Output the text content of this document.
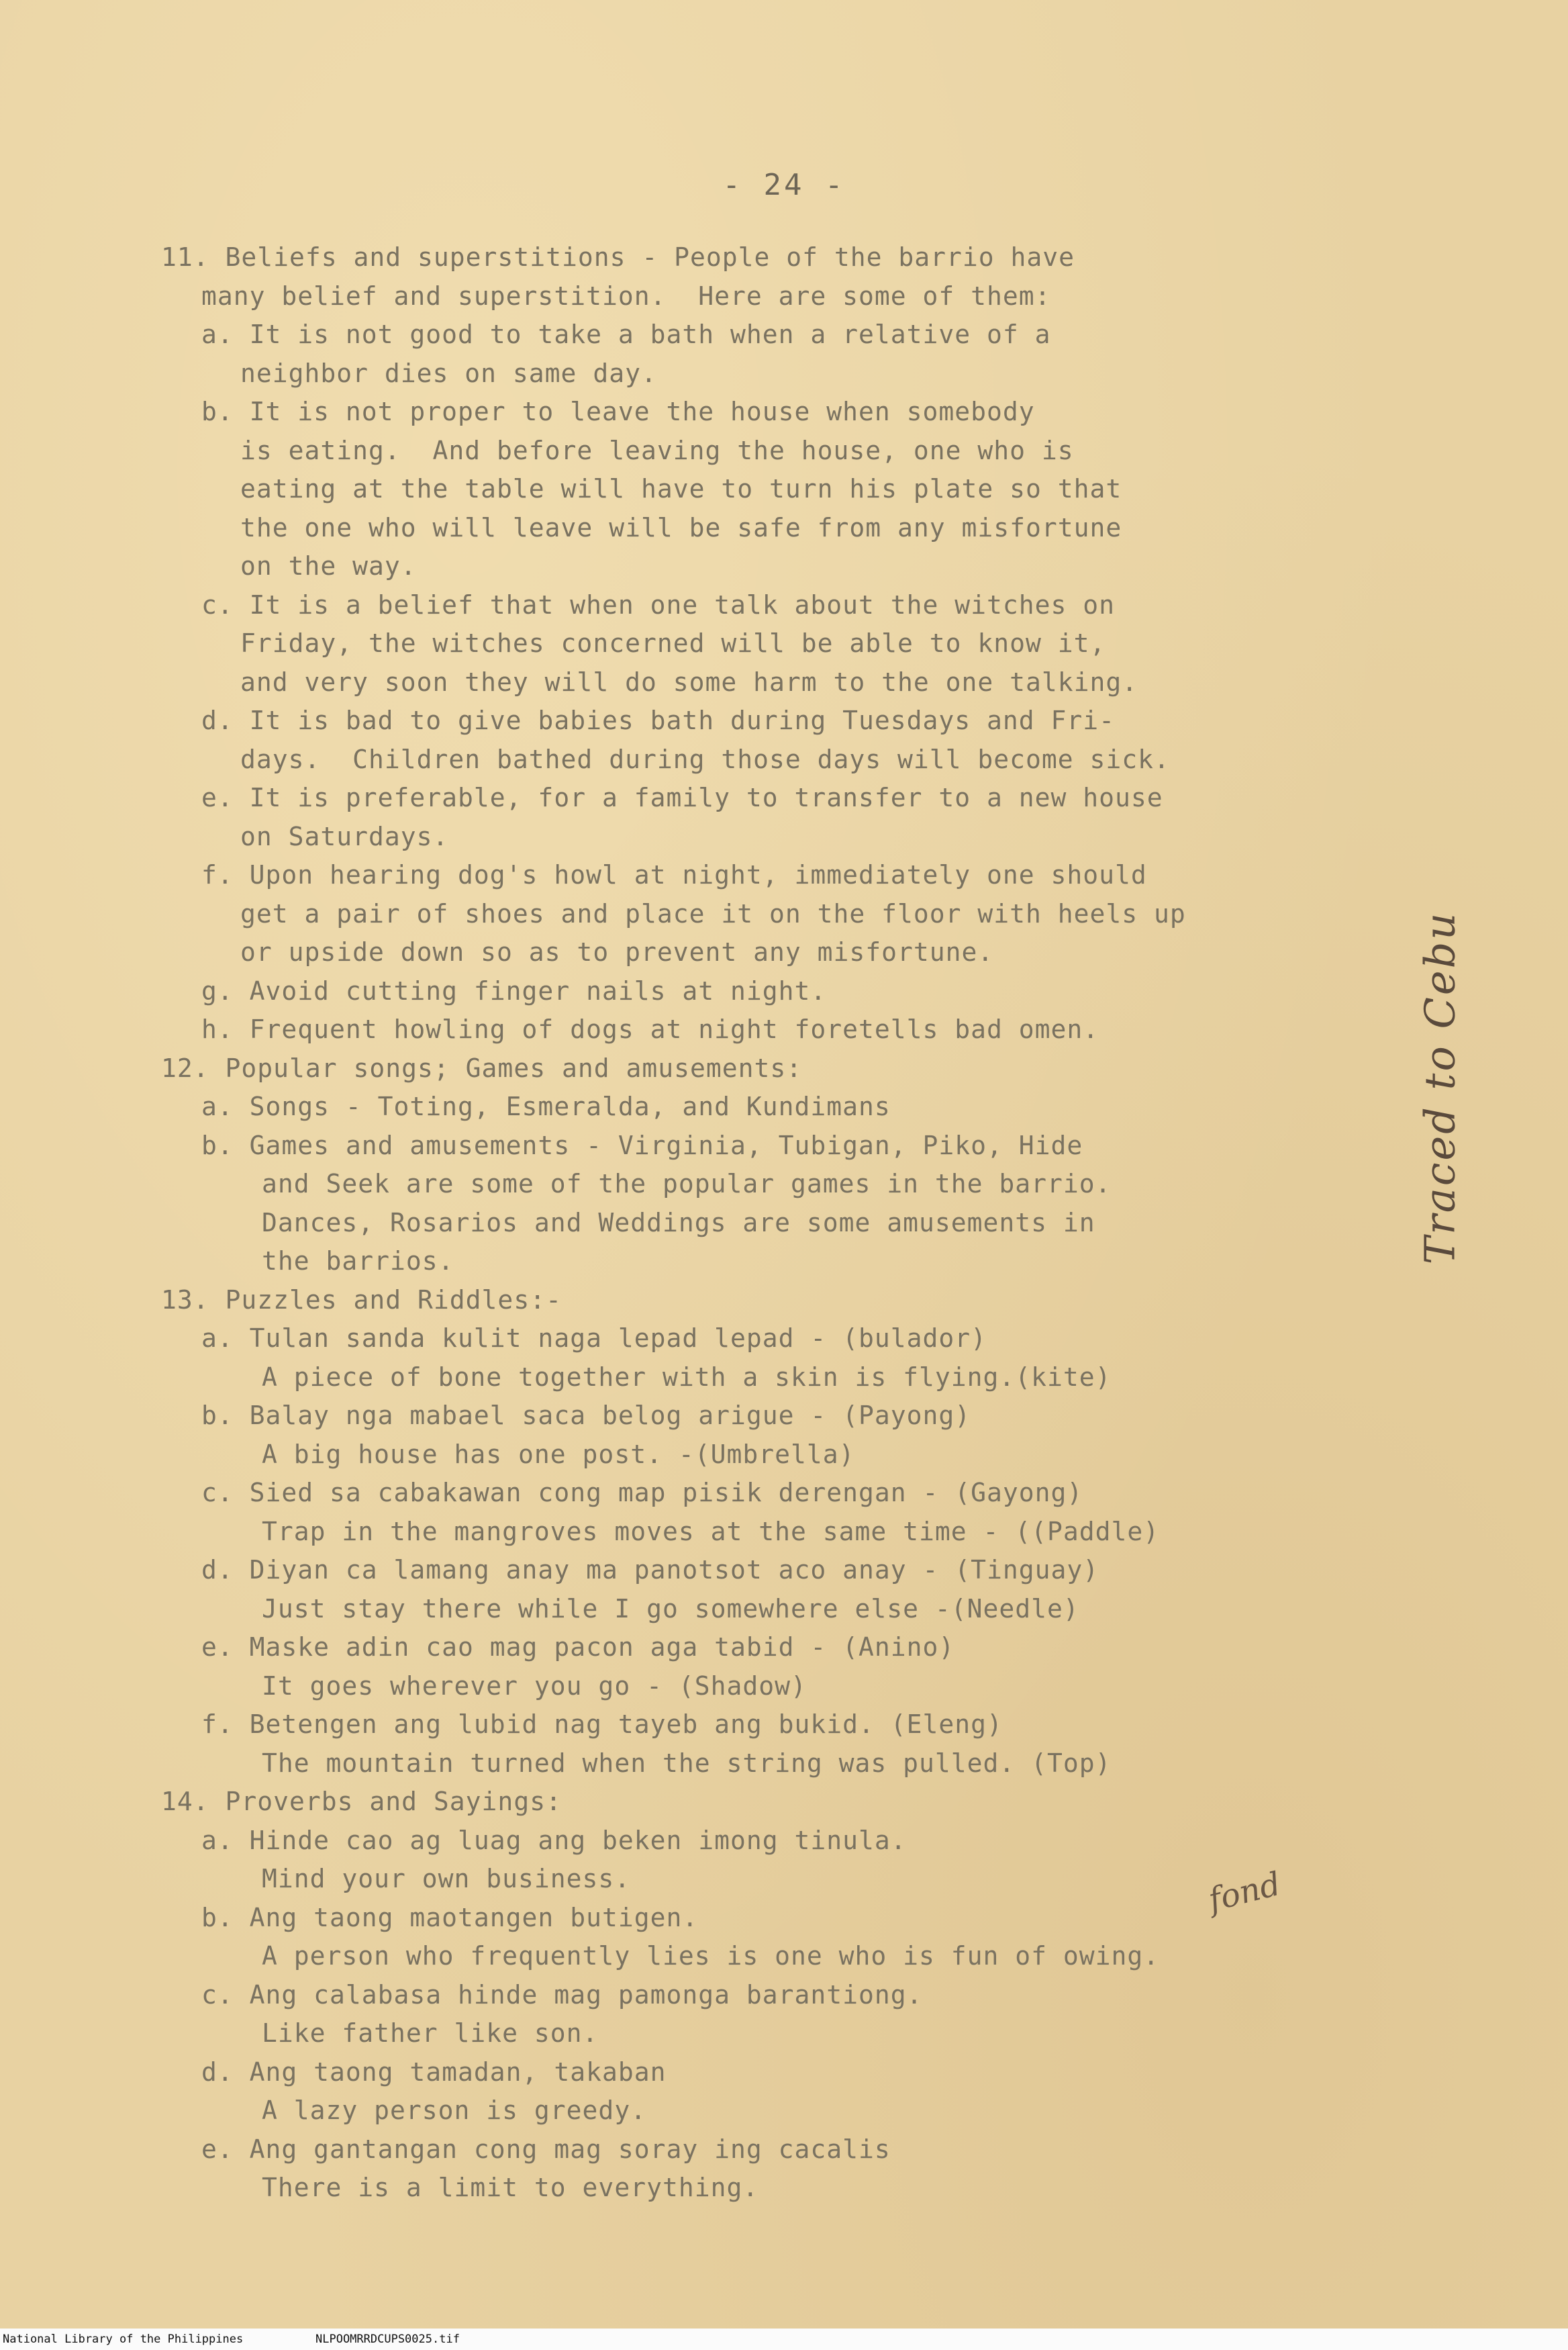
- 24 -
11. Beliefs and superstitions - People of the barrio have
many belief and superstition.  Here are some of them:
a. It is not good to take a bath when a relative of a
neighbor dies on same day.
b. It is not proper to leave the house when somebody
is eating.  And before leaving the house, one who is
eating at the table will have to turn his plate so that
the one who will leave will be safe from any misfortune
on the way.
c. It is a belief that when one talk about the witches on
Friday, the witches concerned will be able to know it,
and very soon they will do some harm to the one talking.
d. It is bad to give babies bath during Tuesdays and Fri-
days.  Children bathed during those days will become sick.
e. It is preferable, for a family to transfer to a new house
on Saturdays.
f. Upon hearing dog's howl at night, immediately one should
get a pair of shoes and place it on the floor with heels up
or upside down so as to prevent any misfortune.
g. Avoid cutting finger nails at night.
h. Frequent howling of dogs at night foretells bad omen.
12. Popular songs; Games and amusements:
a. Songs - Toting, Esmeralda, and Kundimans
b. Games and amusements - Virginia, Tubigan, Piko, Hide
and Seek are some of the popular games in the barrio.
Dances, Rosarios and Weddings are some amusements in
the barrios.
13. Puzzles and Riddles:-
a. Tulan sanda kulit naga lepad lepad - (bulador)
A piece of bone together with a skin is flying.(kite)
b. Balay nga mabael saca belog arigue - (Payong)
A big house has one post. -(Umbrella)
c. Sied sa cabakawan cong map pisik derengan - (Gayong)
Trap in the mangroves moves at the same time - ((Paddle)
d. Diyan ca lamang anay ma panotsot aco anay - (Tinguay)
Just stay there while I go somewhere else -(Needle)
e. Maske adin cao mag pacon aga tabid - (Anino)
It goes wherever you go - (Shadow)
f. Betengen ang lubid nag tayeb ang bukid. (Eleng)
The mountain turned when the string was pulled. (Top)
14. Proverbs and Sayings:
a. Hinde cao ag luag ang beken imong tinula.
Mind your own business.
b. Ang taong maotangen butigen.
A person who frequently lies is one who is fun of owing.
c. Ang calabasa hinde mag pamonga barantiong.
Like father like son.
d. Ang taong tamadan, takaban
A lazy person is greedy.
e. Ang gantangan cong mag soray ing cacalis
There is a limit to everything.
Traced to Cebu
fond
National Library of the Philippines	NLPOOMRRDCUPS0025.tif
